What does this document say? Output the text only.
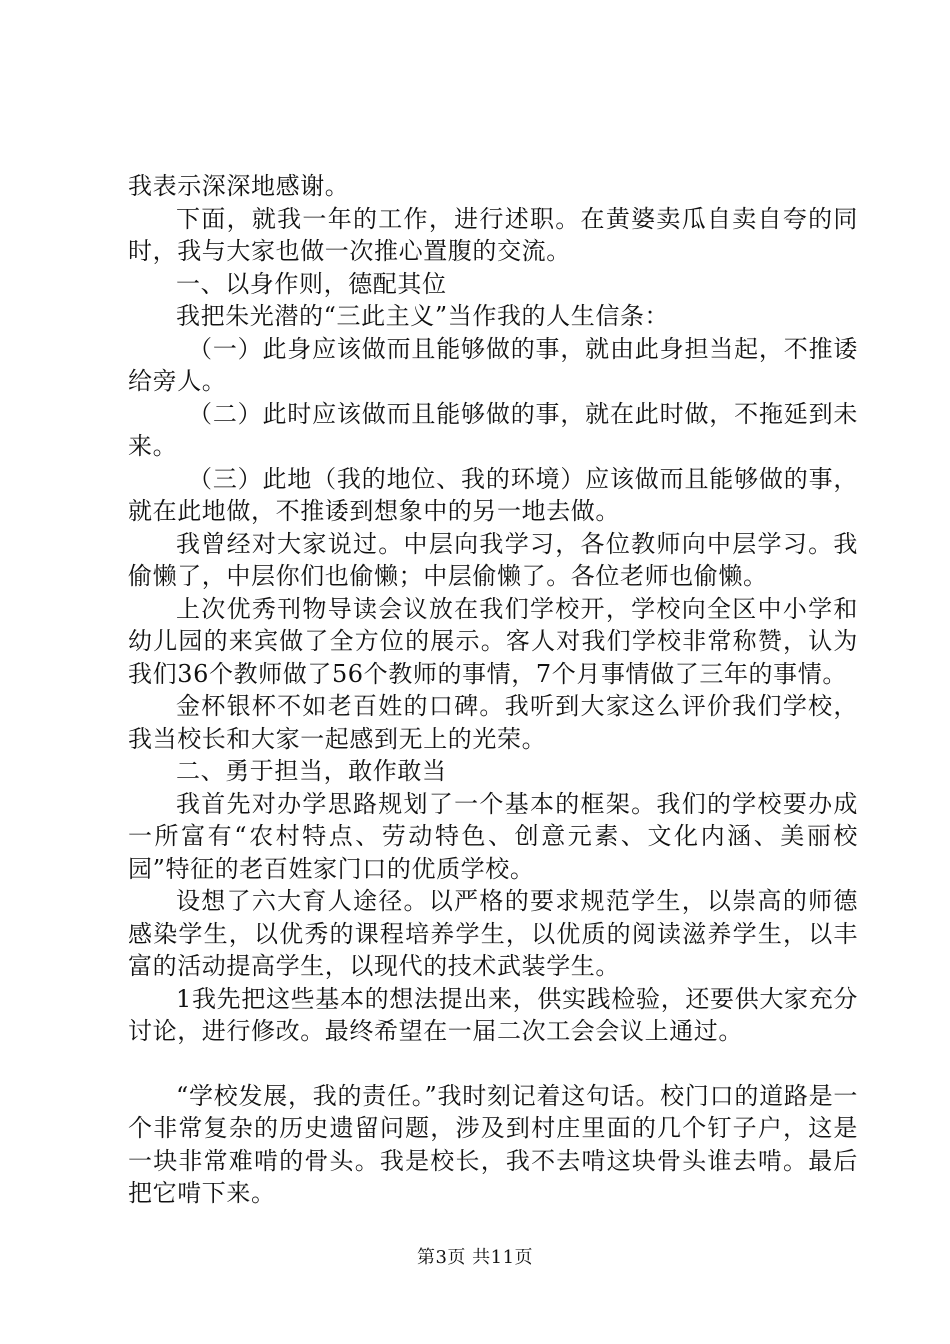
我表示深深地感谢。

下面，就我一年的工作，进行述职。在黄婆卖瓜自卖自夸的同时，我与大家也做一次推心置腹的交流。

一、以身作则，德配其位

我把朱光潜的“三此主义”当作我的人生信条：

（一）此身应该做而且能够做的事，就由此身担当起，不推诿给旁人。

（二）此时应该做而且能够做的事，就在此时做，不拖延到未来。

（三）此地（我的地位、我的环境）应该做而且能够做的事，就在此地做，不推诿到想象中的另一地去做。

我曾经对大家说过。中层向我学习，各位教师向中层学习。我偷懒了，中层你们也偷懒；中层偷懒了。各位老师也偷懒。

上次优秀刊物导读会议放在我们学校开，学校向全区中小学和幼儿园的来宾做了全方位的展示。客人对我们学校非常称赞，认为我们36个教师做了56个教师的事情，7个月事情做了三年的事情。

金杯银杯不如老百姓的口碑。我听到大家这么评价我们学校，我当校长和大家一起感到无上的光荣。

二、勇于担当，敢作敢当

我首先对办学思路规划了一个基本的框架。我们的学校要办成一所富有“农村特点、劳动特色、创意元素、文化内涵、美丽校园”特征的老百姓家门口的优质学校。

设想了六大育人途径。以严格的要求规范学生，以崇高的师德感染学生，以优秀的课程培养学生，以优质的阅读滋养学生，以丰富的活动提高学生，以现代的技术武装学生。

1我先把这些基本的想法提出来，供实践检验，还要供大家充分讨论，进行修改。最终希望在一届二次工会会议上通过。

“学校发展，我的责任。”我时刻记着这句话。校门口的道路是一个非常复杂的历史遗留问题，涉及到村庄里面的几个钉子户，这是一块非常难啃的骨头。我是校长，我不去啃这块骨头谁去啃。最后把它啃下来。

第3页 共11页
